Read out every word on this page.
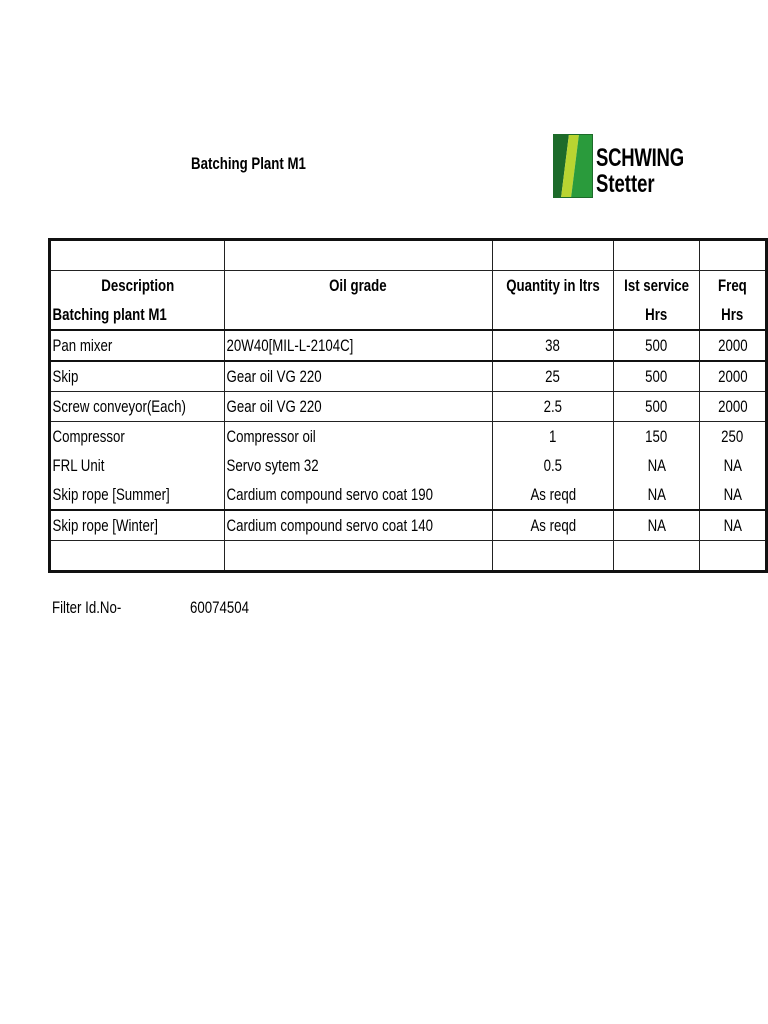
Batching Plant M1	SCHWING
Stetter

Description	Oil grade	Quantity in ltrs	Ist service	Freq
Batching plant M1			Hrs	Hrs
Pan mixer	20W40[MIL-L-2104C]	38	500	2000
Skip	Gear oil VG 220	25	500	2000
Screw conveyor(Each)	Gear oil VG 220	2.5	500	2000
Compressor	Compressor oil	1	150	250
FRL Unit	Servo sytem 32	0.5	NA	NA
Skip rope [Summer]	Cardium compound servo coat 190	As reqd	NA	NA
Skip rope [Winter]	Cardium compound servo coat 140	As reqd	NA	NA

Filter Id.No-	60074504
